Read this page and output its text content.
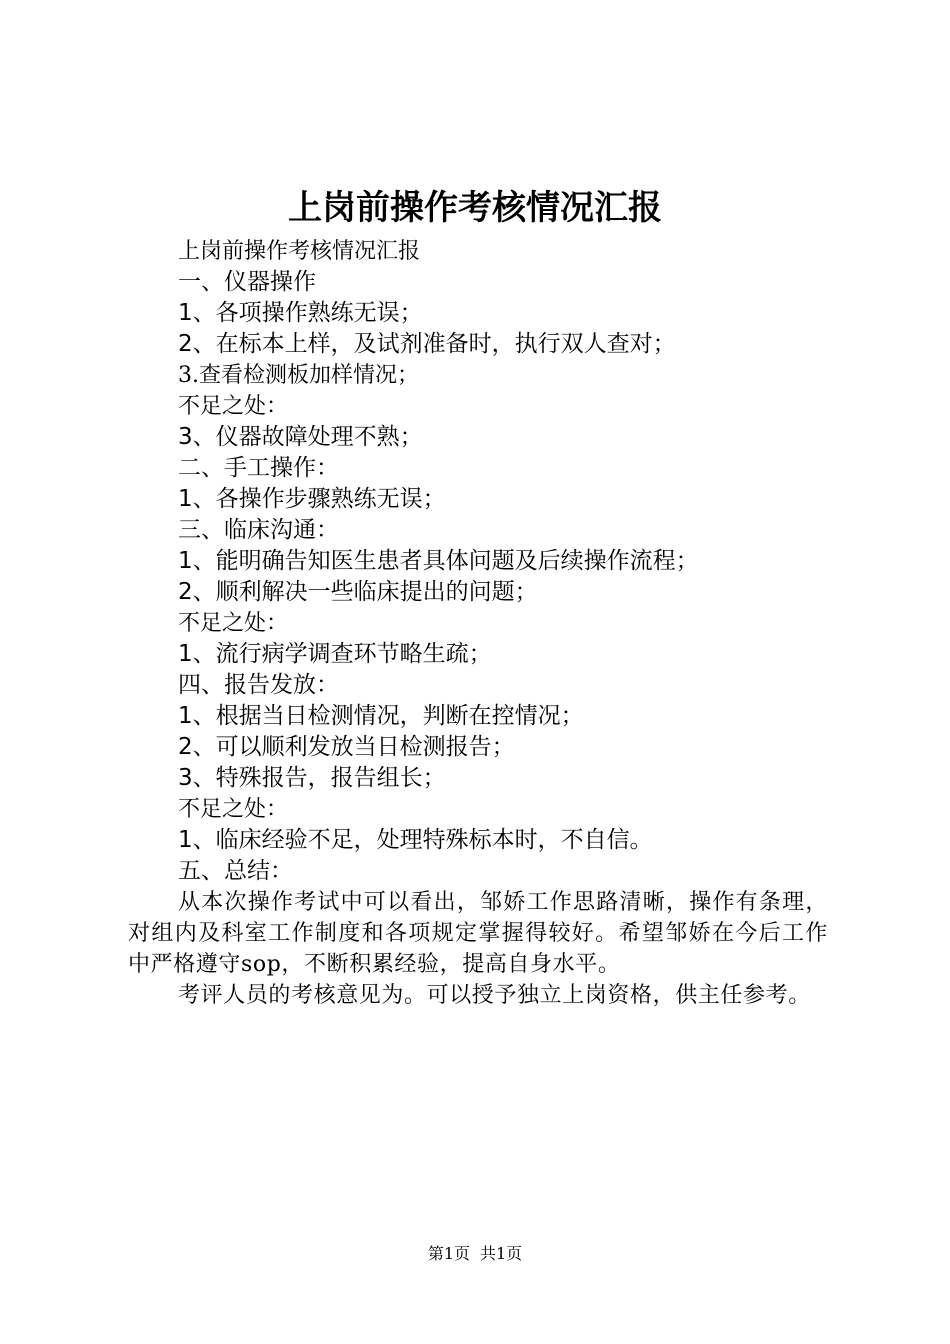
上岗前操作考核情况汇报
上岗前操作考核情况汇报
一、仪器操作
1、各项操作熟练无误；
2、在标本上样，及试剂准备时，执行双人查对；
3.查看检测板加样情况；
不足之处：
3、仪器故障处理不熟；
二、手工操作：
1、各操作步骤熟练无误；
三、临床沟通：
1、能明确告知医生患者具体问题及后续操作流程；
2、顺利解决一些临床提出的问题；
不足之处：
1、流行病学调查环节略生疏；
四、报告发放：
1、根据当日检测情况，判断在控情况；
2、可以顺利发放当日检测报告；
3、特殊报告，报告组长；
不足之处：
1、临床经验不足，处理特殊标本时，不自信。
五、总结：

从本次操作考试中可以看出，邹娇工作思路清晰，操作有条理，对组内及科室工作制度和各项规定掌握得较好。希望邹娇在今后工作中严格遵守sop，不断积累经验，提高自身水平。

考评人员的考核意见为。可以授予独立上岗资格，供主任参考。

第1页 共1页
